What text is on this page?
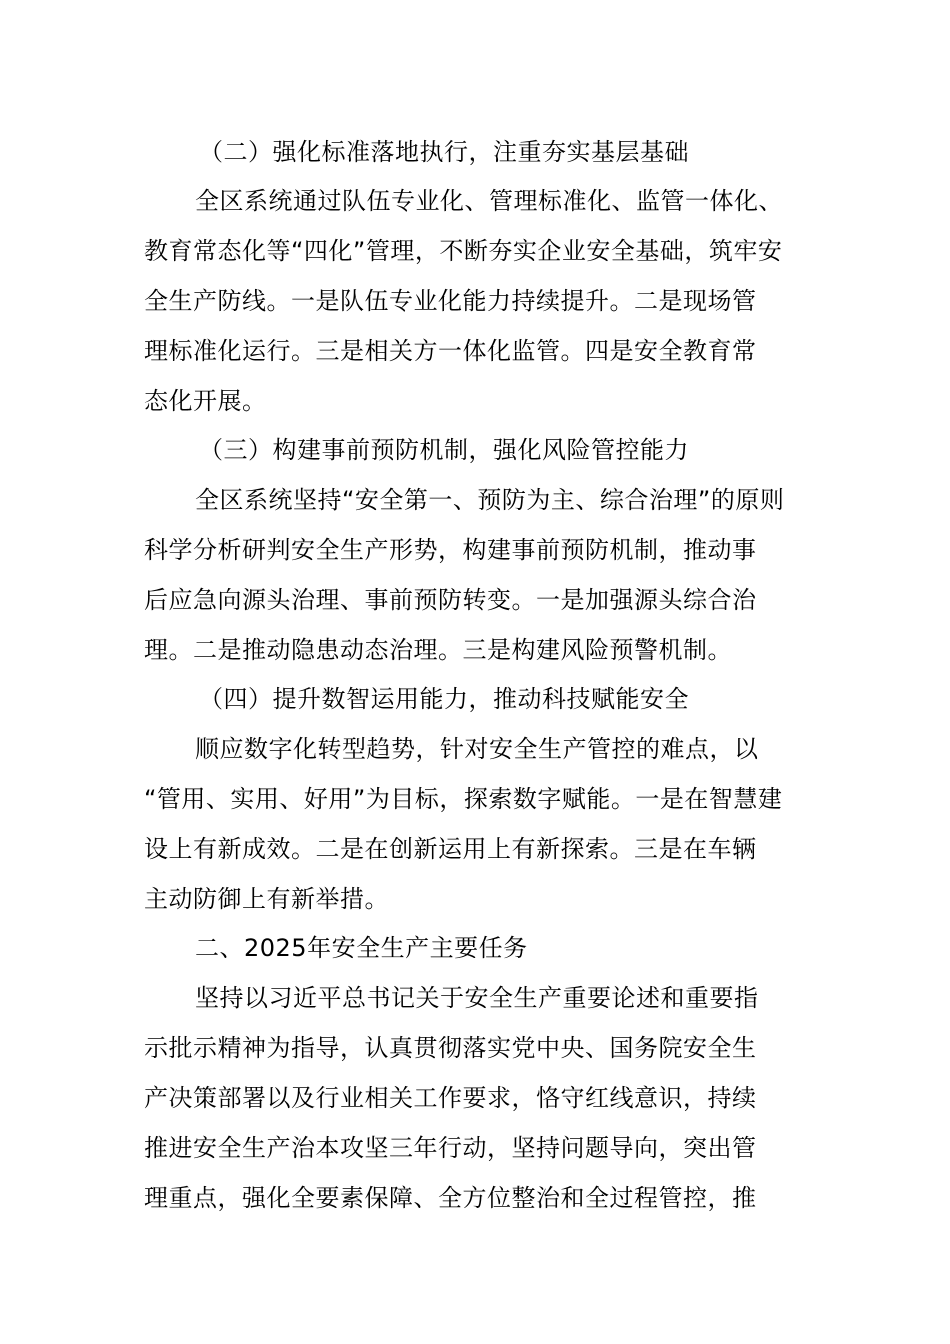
（二）强化标准落地执行，注重夯实基层基础
全区系统通过队伍专业化、管理标准化、监管一体化、
教育常态化等“四化”管理，不断夯实企业安全基础，筑牢安
全生产防线。一是队伍专业化能力持续提升。二是现场管
理标准化运行。三是相关方一体化监管。四是安全教育常
态化开展。
（三）构建事前预防机制，强化风险管控能力
全区系统坚持“安全第一、预防为主、综合治理”的原则
科学分析研判安全生产形势，构建事前预防机制，推动事
后应急向源头治理、事前预防转变。一是加强源头综合治
理。二是推动隐患动态治理。三是构建风险预警机制。
（四）提升数智运用能力，推动科技赋能安全
顺应数字化转型趋势，针对安全生产管控的难点，以
“管用、实用、好用”为目标，探索数字赋能。一是在智慧建
设上有新成效。二是在创新运用上有新探索。三是在车辆
主动防御上有新举措。
二、2025年安全生产主要任务
坚持以习近平总书记关于安全生产重要论述和重要指
示批示精神为指导，认真贯彻落实党中央、国务院安全生
产决策部署以及行业相关工作要求，恪守红线意识，持续
推进安全生产治本攻坚三年行动，坚持问题导向，突出管
理重点，强化全要素保障、全方位整治和全过程管控，推
